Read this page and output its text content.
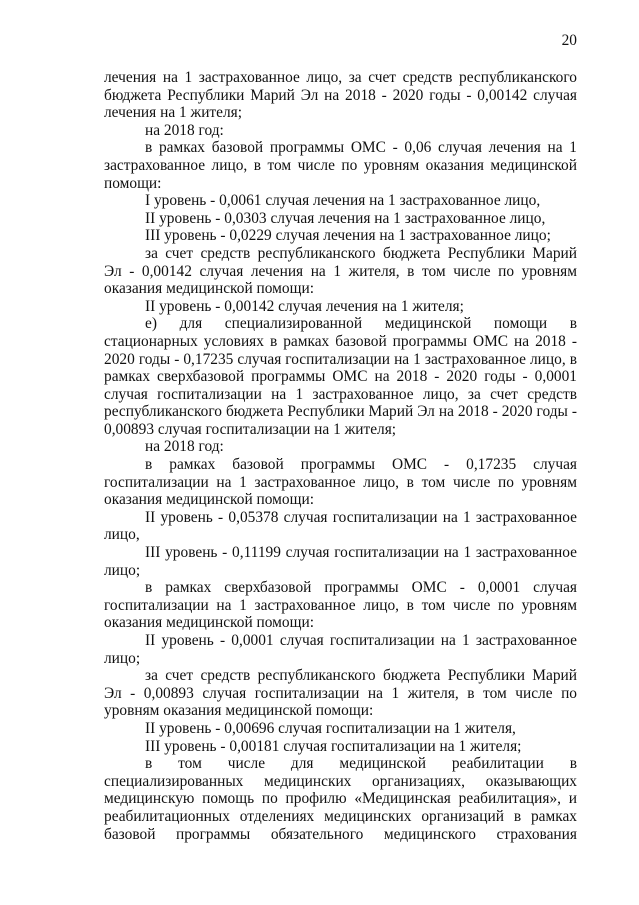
20

лечения на 1 застрахованное лицо, за счет средств республиканского бюджета Республики Марий Эл на 2018 - 2020 годы - 0,00142 случая лечения на 1 жителя;

на 2018 год:

в рамках базовой программы ОМС - 0,06 случая лечения на 1 застрахованное лицо, в том числе по уровням оказания медицинской помощи:

I уровень - 0,0061 случая лечения на 1 застрахованное лицо,

II уровень - 0,0303 случая лечения на 1 застрахованное лицо,

III уровень - 0,0229 случая лечения на 1 застрахованное лицо;

за счет средств республиканского бюджета Республики Марий Эл - 0,00142 случая лечения на 1 жителя, в том числе по уровням оказания медицинской помощи:

II уровень - 0,00142 случая лечения на 1 жителя;

е) для специализированной медицинской помощи в стационарных условиях в рамках базовой программы ОМС на 2018 - 2020 годы - 0,17235 случая госпитализации на 1 застрахованное лицо, в рамках сверхбазовой программы ОМС на 2018 - 2020 годы - 0,0001 случая госпитализации на 1 застрахованное лицо, за счет средств республиканского бюджета Республики Марий Эл на 2018 - 2020 годы - 0,00893 случая госпитализации на 1 жителя;

на 2018 год:

в рамках базовой программы ОМС - 0,17235 случая госпитализации на 1 застрахованное лицо, в том числе по уровням оказания медицинской помощи:

II уровень - 0,05378 случая госпитализации на 1 застрахованное лицо,

III уровень - 0,11199 случая госпитализации на 1 застрахованное лицо;

в рамках сверхбазовой программы ОМС - 0,0001 случая госпитализации на 1 застрахованное лицо, в том числе по уровням оказания медицинской помощи:

II уровень - 0,0001 случая госпитализации на 1 застрахованное лицо;

за счет средств республиканского бюджета Республики Марий Эл - 0,00893 случая госпитализации на 1 жителя, в том числе по уровням оказания медицинской помощи:

II уровень - 0,00696 случая госпитализации на 1 жителя,

III уровень - 0,00181 случая госпитализации на 1 жителя;

в том числе для медицинской реабилитации в специализированных медицинских организациях, оказывающих медицинскую помощь по профилю «Медицинская реабилитация», и реабилитационных отделениях медицинских организаций в рамках базовой программы обязательного медицинского страхования
